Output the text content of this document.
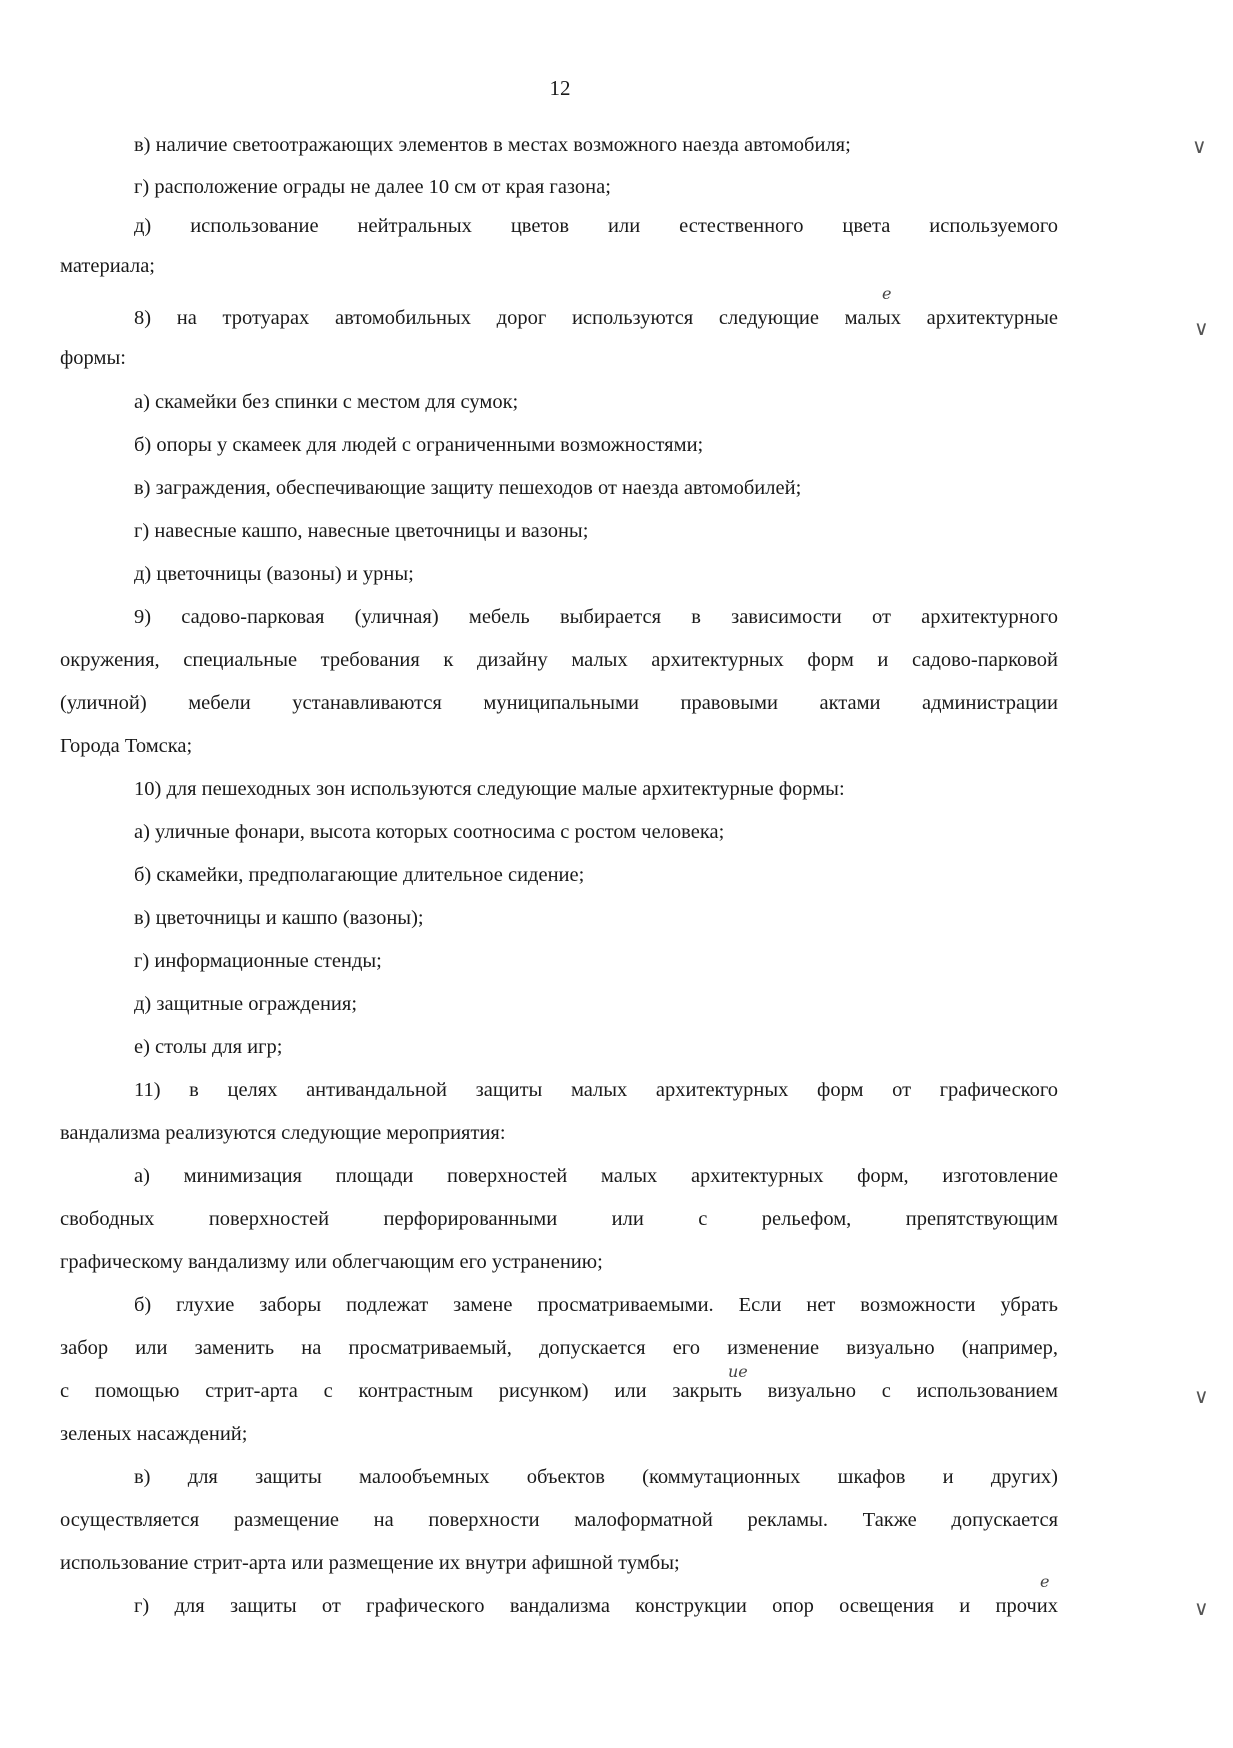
12
в) наличие светоотражающих элементов в местах возможного наезда автомобиля;
г) расположение ограды не далее 10 см от края газона;
д) использование нейтральных цветов или естественного цвета используемого
материала;
8) на тротуарах автомобильных дорог используются следующие малых архитектурные
формы:
а) скамейки без спинки с местом для сумок;
б) опоры у скамеек для людей с ограниченными возможностями;
в) заграждения, обеспечивающие защиту пешеходов от наезда автомобилей;
г) навесные кашпо, навесные цветочницы и вазоны;
д) цветочницы (вазоны) и урны;
9) садово-парковая (уличная) мебель выбирается в зависимости от архитектурного
окружения, специальные требования к дизайну малых архитектурных форм и садово-парковой
(уличной) мебели устанавливаются муниципальными правовыми актами администрации
Города Томска;
10) для пешеходных зон используются следующие малые архитектурные формы:
а) уличные фонари, высота которых соотносима с ростом человека;
б) скамейки, предполагающие длительное сидение;
в) цветочницы и кашпо (вазоны);
г) информационные стенды;
д) защитные ограждения;
е) столы для игр;
11) в целях антивандальной защиты малых архитектурных форм от графического
вандализма реализуются следующие мероприятия:
а) минимизация площади поверхностей малых архитектурных форм, изготовление
свободных поверхностей перфорированными или с рельефом, препятствующим
графическому вандализму или облегчающим его устранению;
б) глухие заборы подлежат замене просматриваемыми. Если нет возможности убрать
забор или заменить на просматриваемый, допускается его изменение визуально (например,
с помощью стрит-арта с контрастным рисунком) или закрыть визуально с использованием
зеленых насаждений;
в) для защиты малообъемных объектов (коммутационных шкафов и других)
осуществляется размещение на поверхности малоформатной рекламы. Также допускается
использование стрит-арта или размещение их внутри афишной тумбы;
г) для защиты от графического вандализма конструкции опор освещения и прочих
∨
∨
∨
∨
е
ие
е
